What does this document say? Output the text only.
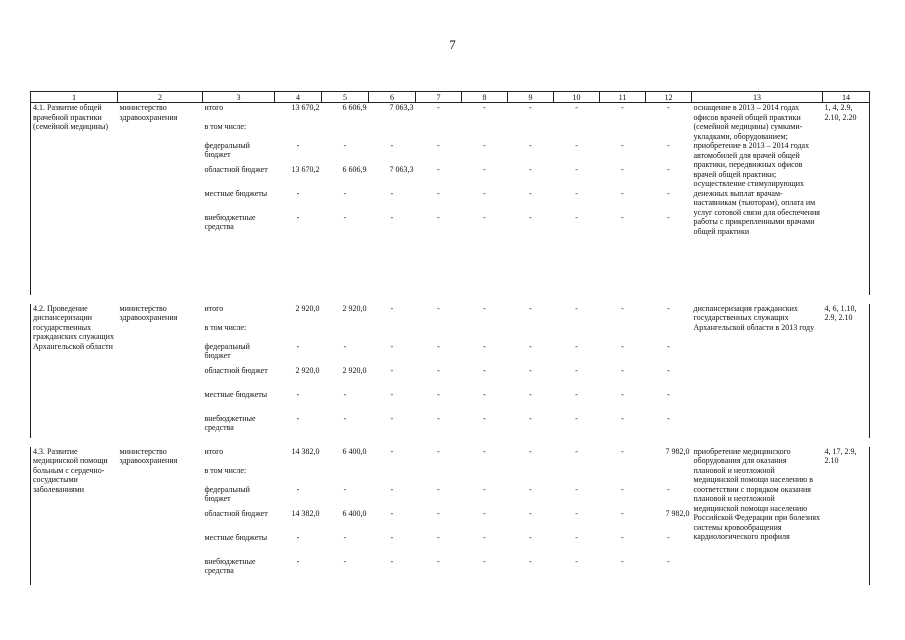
7
1	2	3	4	5	6	7	8	9	10	11	12	13	14
4.1. Развитие общей врачебной практики (семейной медицины)	министерство здравоохранения	итого	13 670,2	6 606,9	7 063,3	-	-	-	-	-	-	оснащение в 2013 – 2014 годах офисов врачей общей практики (семейной медицины) сумками-укладками, оборудованием; приобретение в 2013 – 2014 годах автомобилей для врачей общей практики, передвижных офисов врачей общей практики; осуществление стимулирующих денежных выплат врачам-наставникам (тьюторам), оплата им услуг сотовой связи для обеспечения работы с прикрепленными врачами общей практики	1, 4, 2.9, 2.10, 2.20
		в том числе:											
		федеральный бюджет	-	-	-	-	-	-	-	-	-		
		областной бюджет	13 670,2	6 606,9	7 063,3	-	-	-	-	-	-		
		местные бюджеты	-	-	-	-	-	-	-	-	-		
		внебюджетные средства	-	-	-	-	-	-	-	-	-		

4.2. Проведение диспансеризации государственных гражданских служащих Архангельской области	министерство здравоохранения	итого	2 920,0	2 920,0	-	-	-	-	-	-	-	диспансеризация гражданских государственных служащих Архангельской области в 2013 году	4, 6, 1.10, 2.9, 2.10
		в том числе:											
		федеральный бюджет	-	-	-	-	-	-	-	-	-		
		областной бюджет	2 920,0	2 920,0	-	-	-	-	-	-	-		
		местные бюджеты	-	-	-	-	-	-	-	-	-		
		внебюджетные средства	-	-	-	-	-	-	-	-	-		

4.3. Развитие медицинской помощи больным с сердечно-сосудистыми заболеваниями	министерство здравоохранения	итого	14 382,0	6 400,0	-	-	-	-	-	-	7 982,0	приобретение медицинского оборудования для оказания плановой и неотложной медицинской помощи населению в соответствии с порядком оказания плановой и неотложной медицинской помощи населению Российской Федерации при болезнях системы кровообращения кардиологического профиля	4, 17, 2.9, 2.10
		в том числе:											
		федеральный бюджет	-	-	-	-	-	-	-	-	-		
		областной бюджет	14 382,0	6 400,0	-	-	-	-	-	-	7 982,0		
		местные бюджеты	-	-	-	-	-	-	-	-	-		
		внебюджетные средства	-	-	-	-	-	-	-	-	-		
